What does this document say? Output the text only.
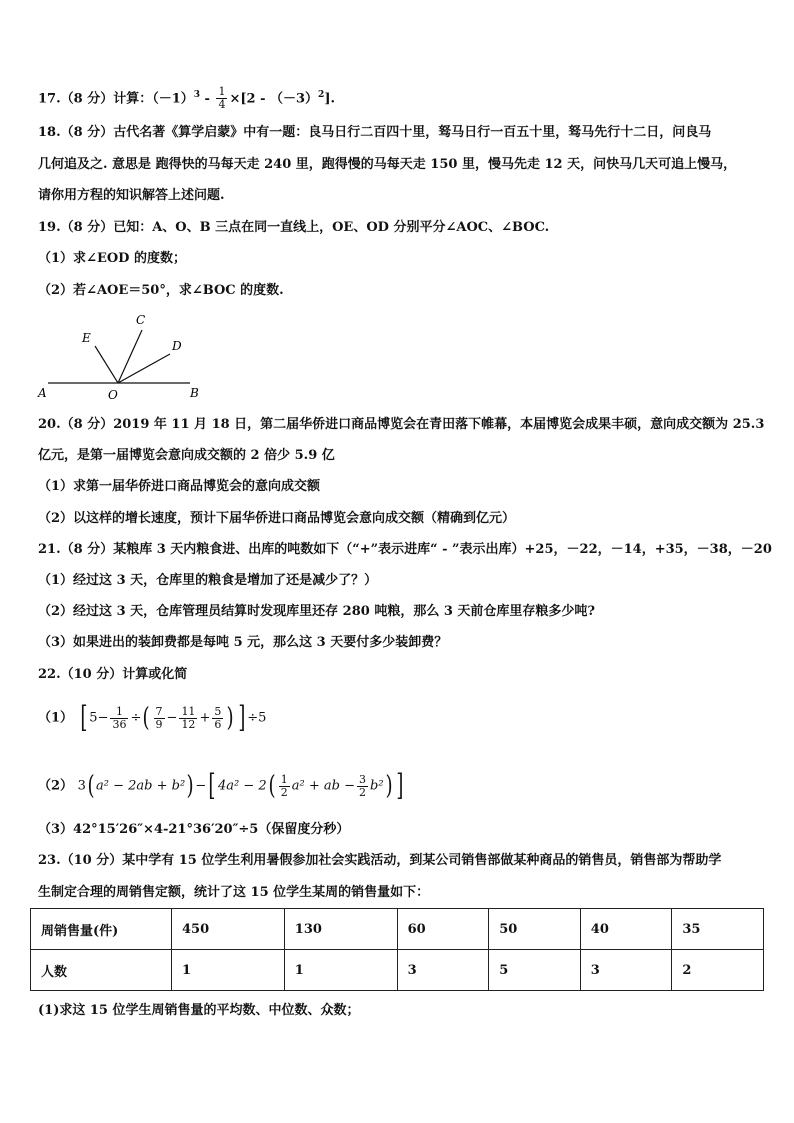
17.（8 分）计算：$(-1)^3 - \frac{1}{4} \times[2 - (-3)^2]$.
18.（8 分）古代名著《算学启蒙》中有一题：良马日行二百四十里，驽马日行一百五十里，驽马先行十二日，问良马
几何追及之. 意思是 跑得快的马每天走 240 里，跑得慢的马每天走 150 里，慢马先走 12 天，问快马几天可追上慢马，
请你用方程的知识解答上述问题.
19.（8 分）已知：A、O、B 三点在同一直线上，OE、OD 分别平分∠AOC、∠BOC.
（1）求∠EOD 的度数；
（2）若∠AOE＝50°，求∠BOC 的度数.
A	O	B
C
D
E
20.（8 分）2019 年 11 月 18 日，第二届华侨进口商品博览会在青田落下帷幕，本届博览会成果丰硕，意向成交额为 25.3
亿元，是第一届博览会意向成交额的 2 倍少 5.9 亿
（1）求第一届华侨进口商品博览会的意向成交额
（2）以这样的增长速度，预计下届华侨进口商品博览会意向成交额（精确到亿元）
21.（8 分）某粮库 3 天内粮食进、出库的吨数如下（“+”表示进库“ - ”表示出库）+25，－22，－14，+35，－38，－20
（1）经过这 3 天，仓库里的粮食是增加了还是减少了？）
（2）经过这 3 天，仓库管理员结算时发现库里还存 280 吨粮，那么 3 天前仓库里存粮多少吨?
（3）如果进出的装卸费都是每吨 5 元，那么这 3 天要付多少装卸费？
22.（10 分）计算或化简
（1） [ $5- \frac{1}{36}$ ÷( $\frac{7}{9} - \frac{11}{12} + \frac{5}{6}$ ) ] ÷5
（2） 3( a² − 2ab + b²) −[ $4a^2 - 2( \frac{1}{2} a^2$ + ab − $\frac{3}{2} b^2$) ]
（3）42°15′26″×4-21°36′20″÷5（保留度分秒）
23.（10 分）某中学有 15 位学生利用暑假参加社会实践活动，到某公司销售部做某种商品的销售员，销售部为帮助学
生制定合理的周销售定额，统计了这 15 位学生某周的销售量如下：
周销售量(件)	450	130	60	50	40	35
人数	1	1	3	5	3	2
(1)求这 15 位学生周销售量的平均数、中位数、众数；
